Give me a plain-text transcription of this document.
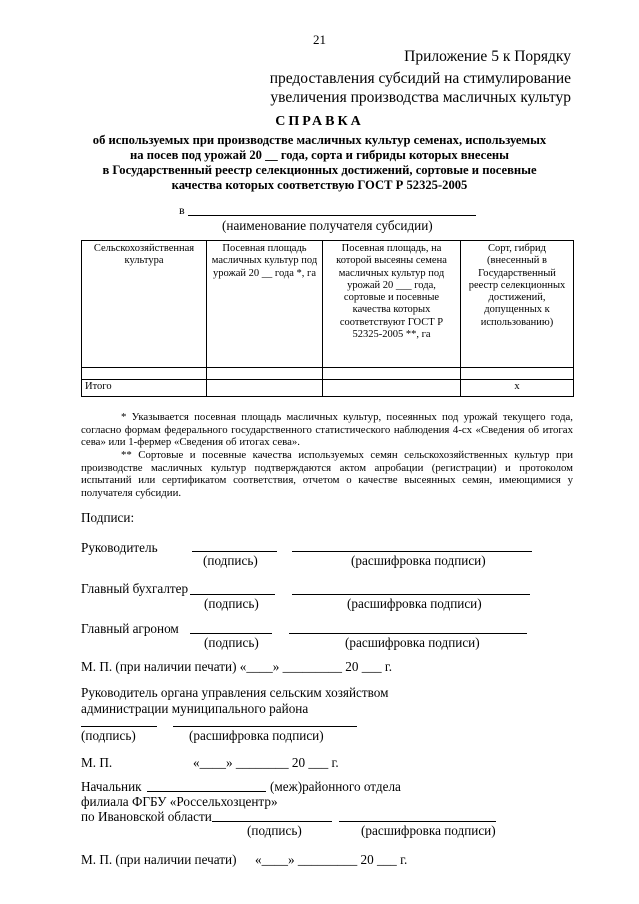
21
Приложение 5 к Порядку
предоставления субсидий на стимулирование
увеличения производства масличных культур
СПРАВКА
об используемых при производстве масличных культур семенах, используемых
на посев под урожай 20 __ года, сорта и гибриды которых внесены
в Государственный реестр селекционных достижений, сортовые и посевные
качества которых соответствую ГОСТ Р 52325-2005
в
(наименование получателя субсидии)
Сельскохозяйственная культура	Посевная площадь масличных культур под урожай 20 __ года *, га	Посевная площадь, на которой высеяны семена масличных культур под урожай 20 ___ года, сортовые и посевные качества которых соответствуют ГОСТ Р 52325-2005 **, га	Сорт, гибрид (внесенный в Государственный реестр селекционных достижений, допущенных к использованию)

Итого			x
* Указывается посевная площадь масличных культур, посеянных под урожай текущего года, согласно формам федерального государственного статистического наблюдения 4-сх «Сведения об итогах сева» или 1-фермер «Сведения об итогах сева».
** Сортовые и посевные качества используемых семян сельскохозяйственных культур при производстве масличных культур подтверждаются актом апробации (регистрации) и протоколом испытаний или сертификатом соответствия, отчетом о качестве высеянных семян, имеющимися у получателя субсидии.
Подписи:
Руководитель
(подпись)	(расшифровка подписи)
Главный бухгалтер
(подпись)	(расшифровка подписи)
Главный агроном
(подпись)	(расшифровка подписи)
М. П. (при наличии печати) «____» _________ 20 ___ г.
Руководитель органа управления сельским хозяйством
администрации муниципального района
(подпись)	(расшифровка подписи)
М. П.	«____» ________ 20 ___ г.
Начальник	(меж)районного отдела
филиала ФГБУ «Россельхозцентр»
по Ивановской области
(подпись)	(расшифровка подписи)
М. П. (при наличии печати) «____» _________ 20 ___ г.
